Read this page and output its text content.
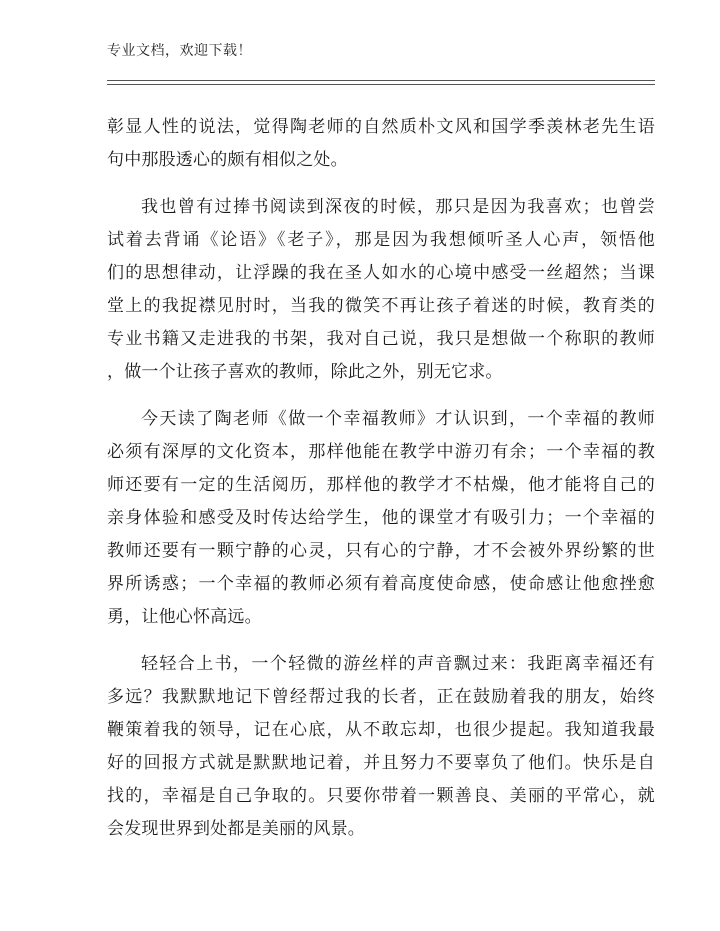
专业文档，欢迎下载！
彰显人性的说法，觉得陶老师的自然质朴文风和国学季羡林老先生语
句中那股透心的颇有相似之处。
我也曾有过捧书阅读到深夜的时候，那只是因为我喜欢；也曾尝
试着去背诵《论语》《老子》，那是因为我想倾听圣人心声，领悟他
们的思想律动，让浮躁的我在圣人如水的心境中感受一丝超然；当课
堂上的我捉襟见肘时，当我的微笑不再让孩子着迷的时候，教育类的
专业书籍又走进我的书架，我对自己说，我只是想做一个称职的教师
，做一个让孩子喜欢的教师，除此之外，别无它求。
今天读了陶老师《做一个幸福教师》才认识到，一个幸福的教师
必须有深厚的文化资本，那样他能在教学中游刃有余；一个幸福的教
师还要有一定的生活阅历，那样他的教学才不枯燥，他才能将自己的
亲身体验和感受及时传达给学生，他的课堂才有吸引力；一个幸福的
教师还要有一颗宁静的心灵，只有心的宁静，才不会被外界纷繁的世
界所诱惑；一个幸福的教师必须有着高度使命感，使命感让他愈挫愈
勇，让他心怀高远。
轻轻合上书，一个轻微的游丝样的声音飘过来：我距离幸福还有
多远？我默默地记下曾经帮过我的长者，正在鼓励着我的朋友，始终
鞭策着我的领导，记在心底，从不敢忘却，也很少提起。我知道我最
好的回报方式就是默默地记着，并且努力不要辜负了他们。快乐是自
找的，幸福是自己争取的。只要你带着一颗善良、美丽的平常心，就
会发现世界到处都是美丽的风景。
